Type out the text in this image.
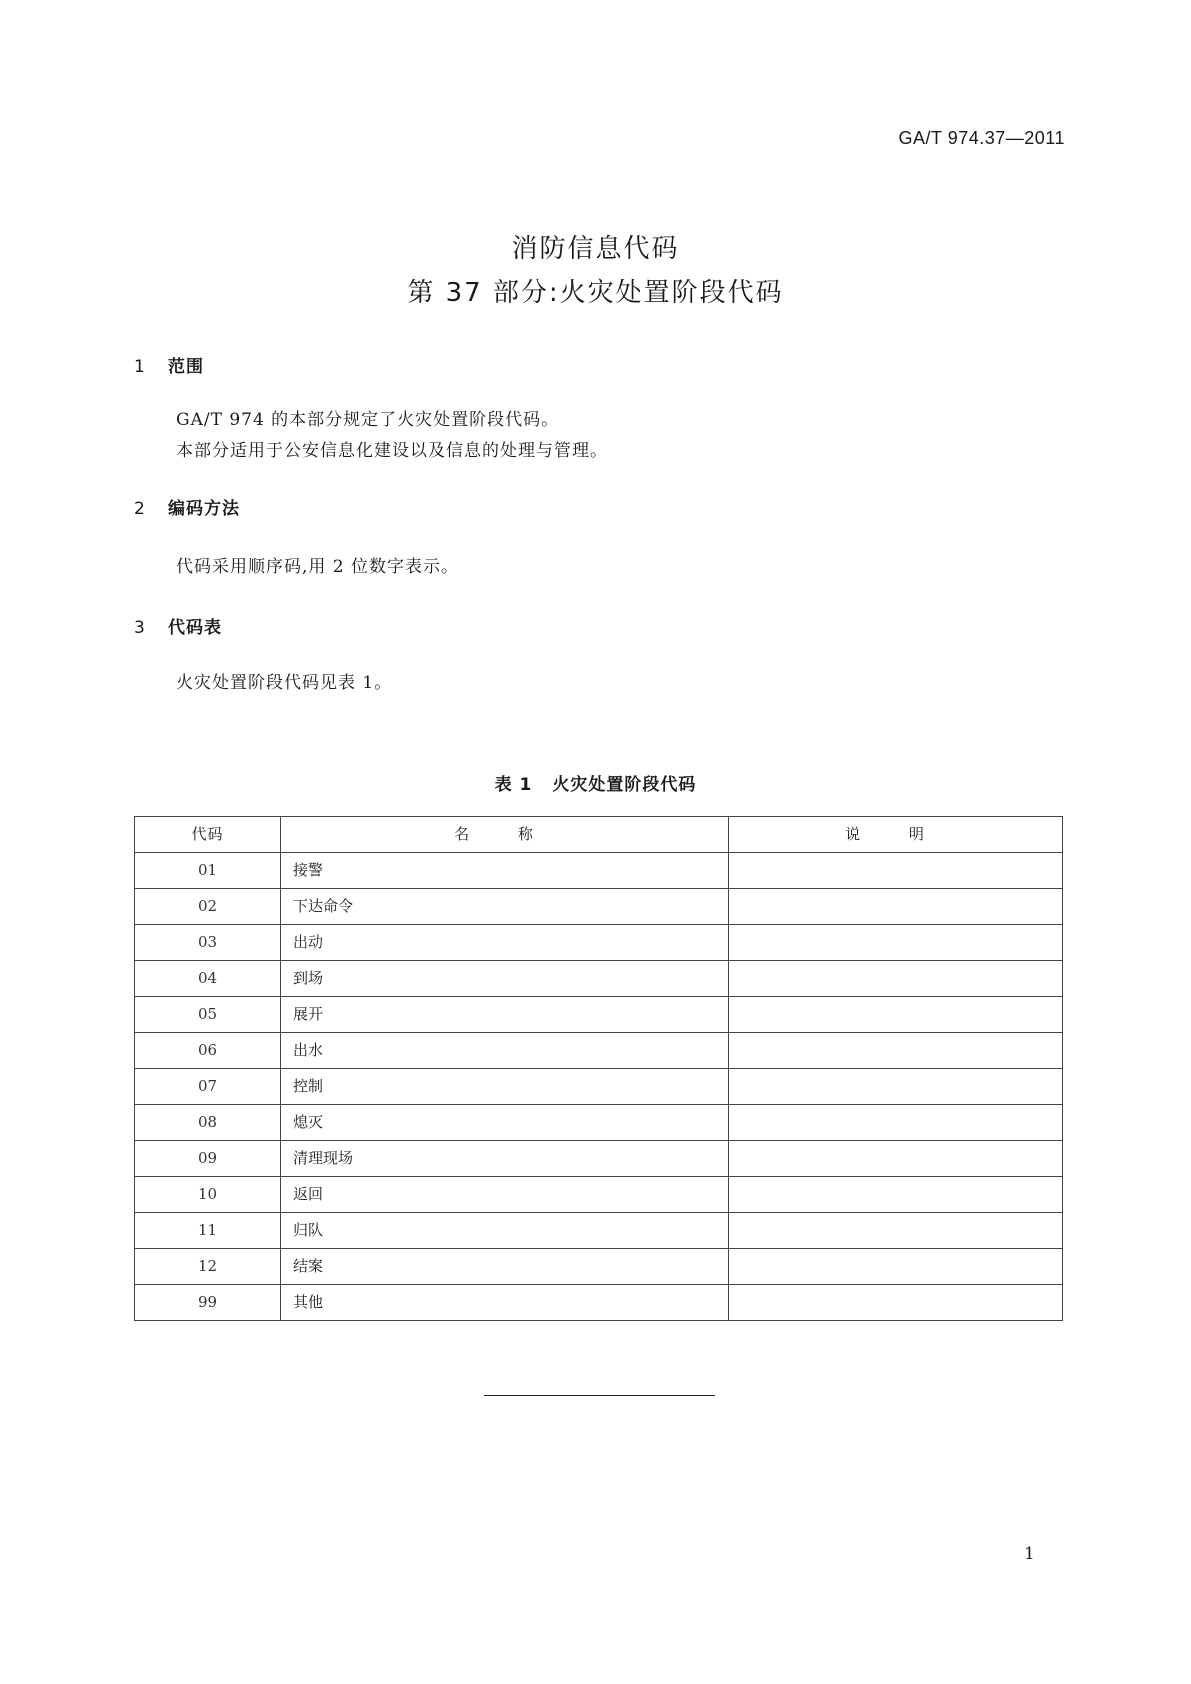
GA/T 974.37—2011
消防信息代码
第 37 部分:火灾处置阶段代码
1 范围
GA/T 974 的本部分规定了火灾处置阶段代码。
本部分适用于公安信息化建设以及信息的处理与管理。
2 编码方法
代码采用顺序码,用 2 位数字表示。
3 代码表
火灾处置阶段代码见表 1。
表 1 火灾处置阶段代码
代码	名 称	说 明
01	接警	
02	下达命令	
03	出动	
04	到场	
05	展开	
06	出水	
07	控制	
08	熄灭	
09	清理现场	
10	返回	
11	归队	
12	结案	
99	其他	
1
